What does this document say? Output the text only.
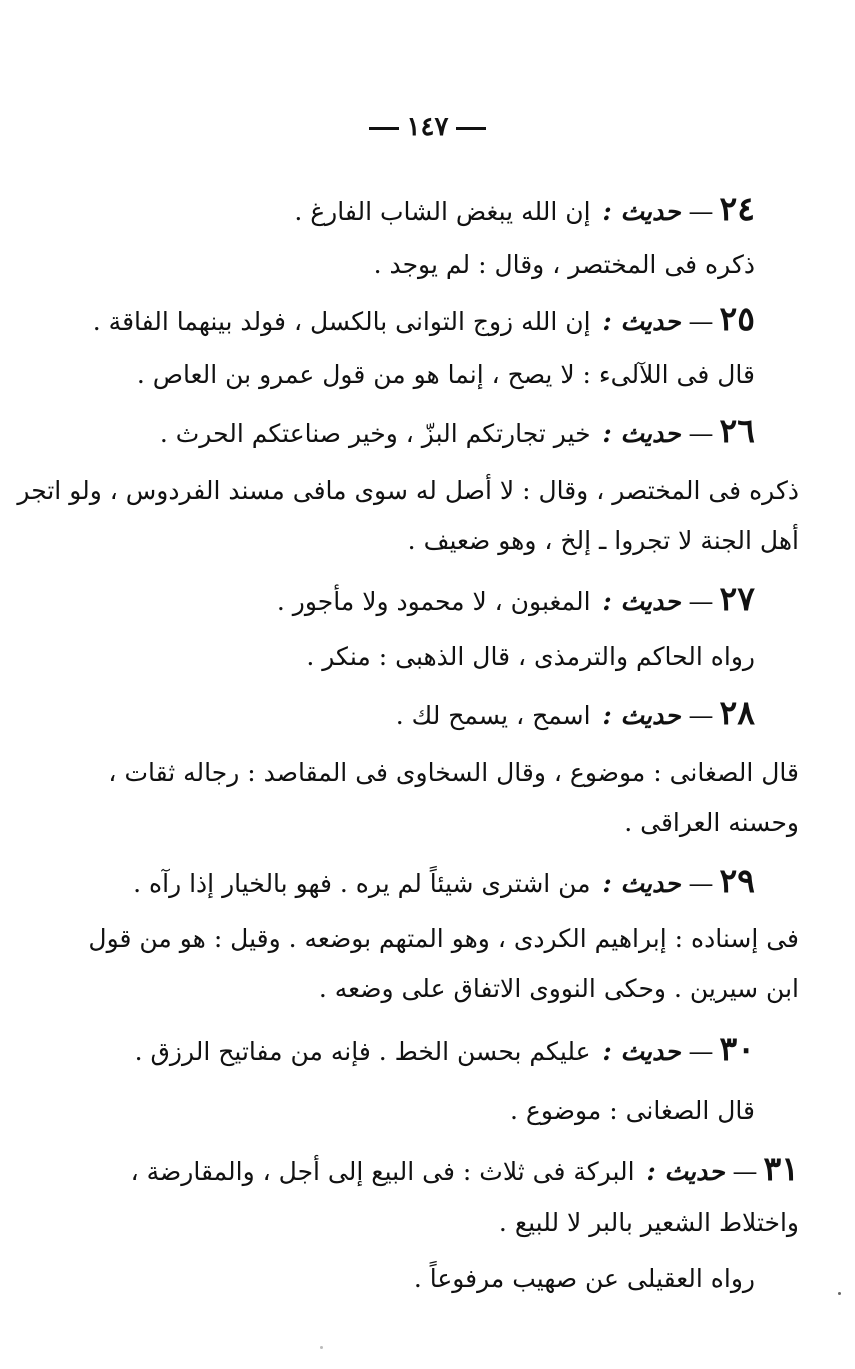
١٤٧
٢٤—حديث : إن الله يبغض الشاب الفارغ .
ذكره فى المختصر ، وقال : لم يوجد .
٢٥—حديث : إن الله زوج التوانى بالكسل ، فولد بينهما الفاقة .
قال فى اللآلىء : لا يصح ، إنما هو من قول عمرو بن العاص .
٢٦—حديث : خير تجارتكم البزّ ، وخير صناعتكم الحرث .
ذكره فى المختصر ، وقال : لا أصل له سوى مافى مسند الفردوس ، ولو اتجر
أهل الجنة لا تجروا ـ إلخ ، وهو ضعيف .
٢٧—حديث : المغبون ، لا محمود ولا مأجور .
رواه الحاكم والترمذى ، قال الذهبى : منكر .
٢٨—حديث : اسمح ، يسمح لك .
قال الصغانى : موضوع ، وقال السخاوى فى المقاصد : رجاله ثقات ،
وحسنه العراقى .
٢٩—حديث : من اشترى شيئاً لم يره . فهو بالخيار إذا رآه .
فى إسناده : إبراهيم الكردى ، وهو المتهم بوضعه . وقيل : هو من قول
ابن سيرين . وحكى النووى الاتفاق على وضعه .
٣٠—حديث : عليكم بحسن الخط . فإنه من مفاتيح الرزق .
قال الصغانى : موضوع .
٣١—حديث : البركة فى ثلاث : فى البيع إلى أجل ، والمقارضة ،
واختلاط الشعير بالبر لا للبيع .
رواه العقيلى عن صهيب مرفوعاً .
